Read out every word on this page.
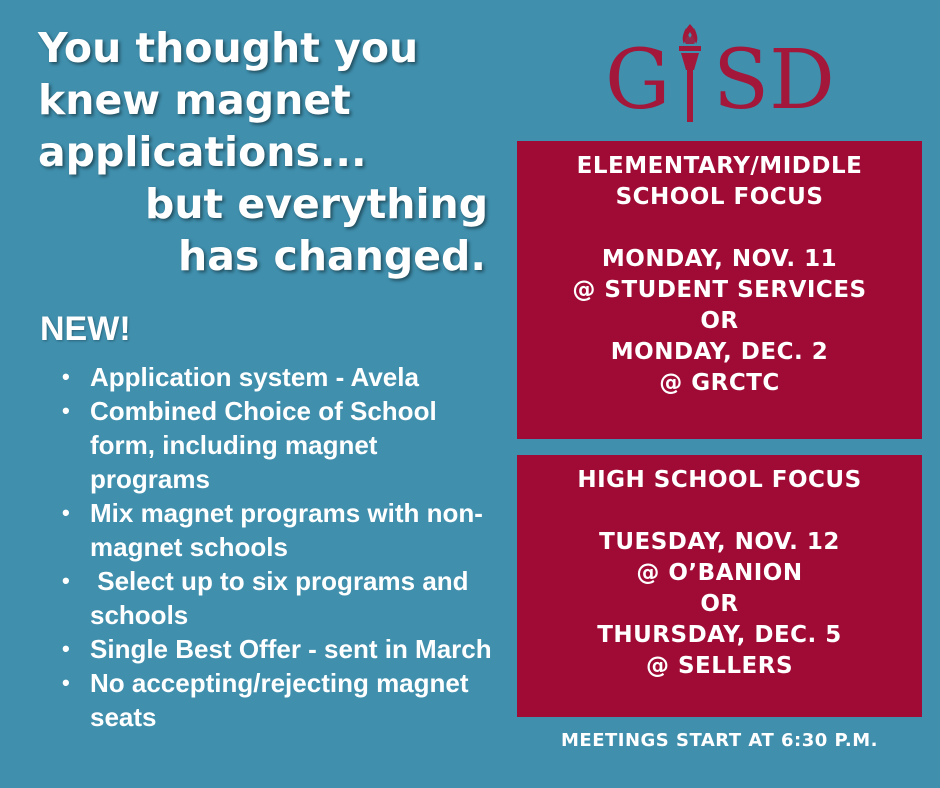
You thought you
knew magnet
applications...
but everything
has changed.
NEW!
• Application system - Avela
• Combined Choice of School form, including magnet programs
• Mix magnet programs with non-magnet schools
•  Select up to six programs and schools
• Single Best Offer - sent in March
• No accepting/rejecting magnet seats
G SD
ELEMENTARY/MIDDLE
SCHOOL FOCUS
MONDAY, NOV. 11
@ STUDENT SERVICES
OR
MONDAY, DEC. 2
@ GRCTC
HIGH SCHOOL FOCUS
TUESDAY, NOV. 12
@ O’BANION
OR
THURSDAY, DEC. 5
@ SELLERS
MEETINGS START AT 6:30 P.M.
